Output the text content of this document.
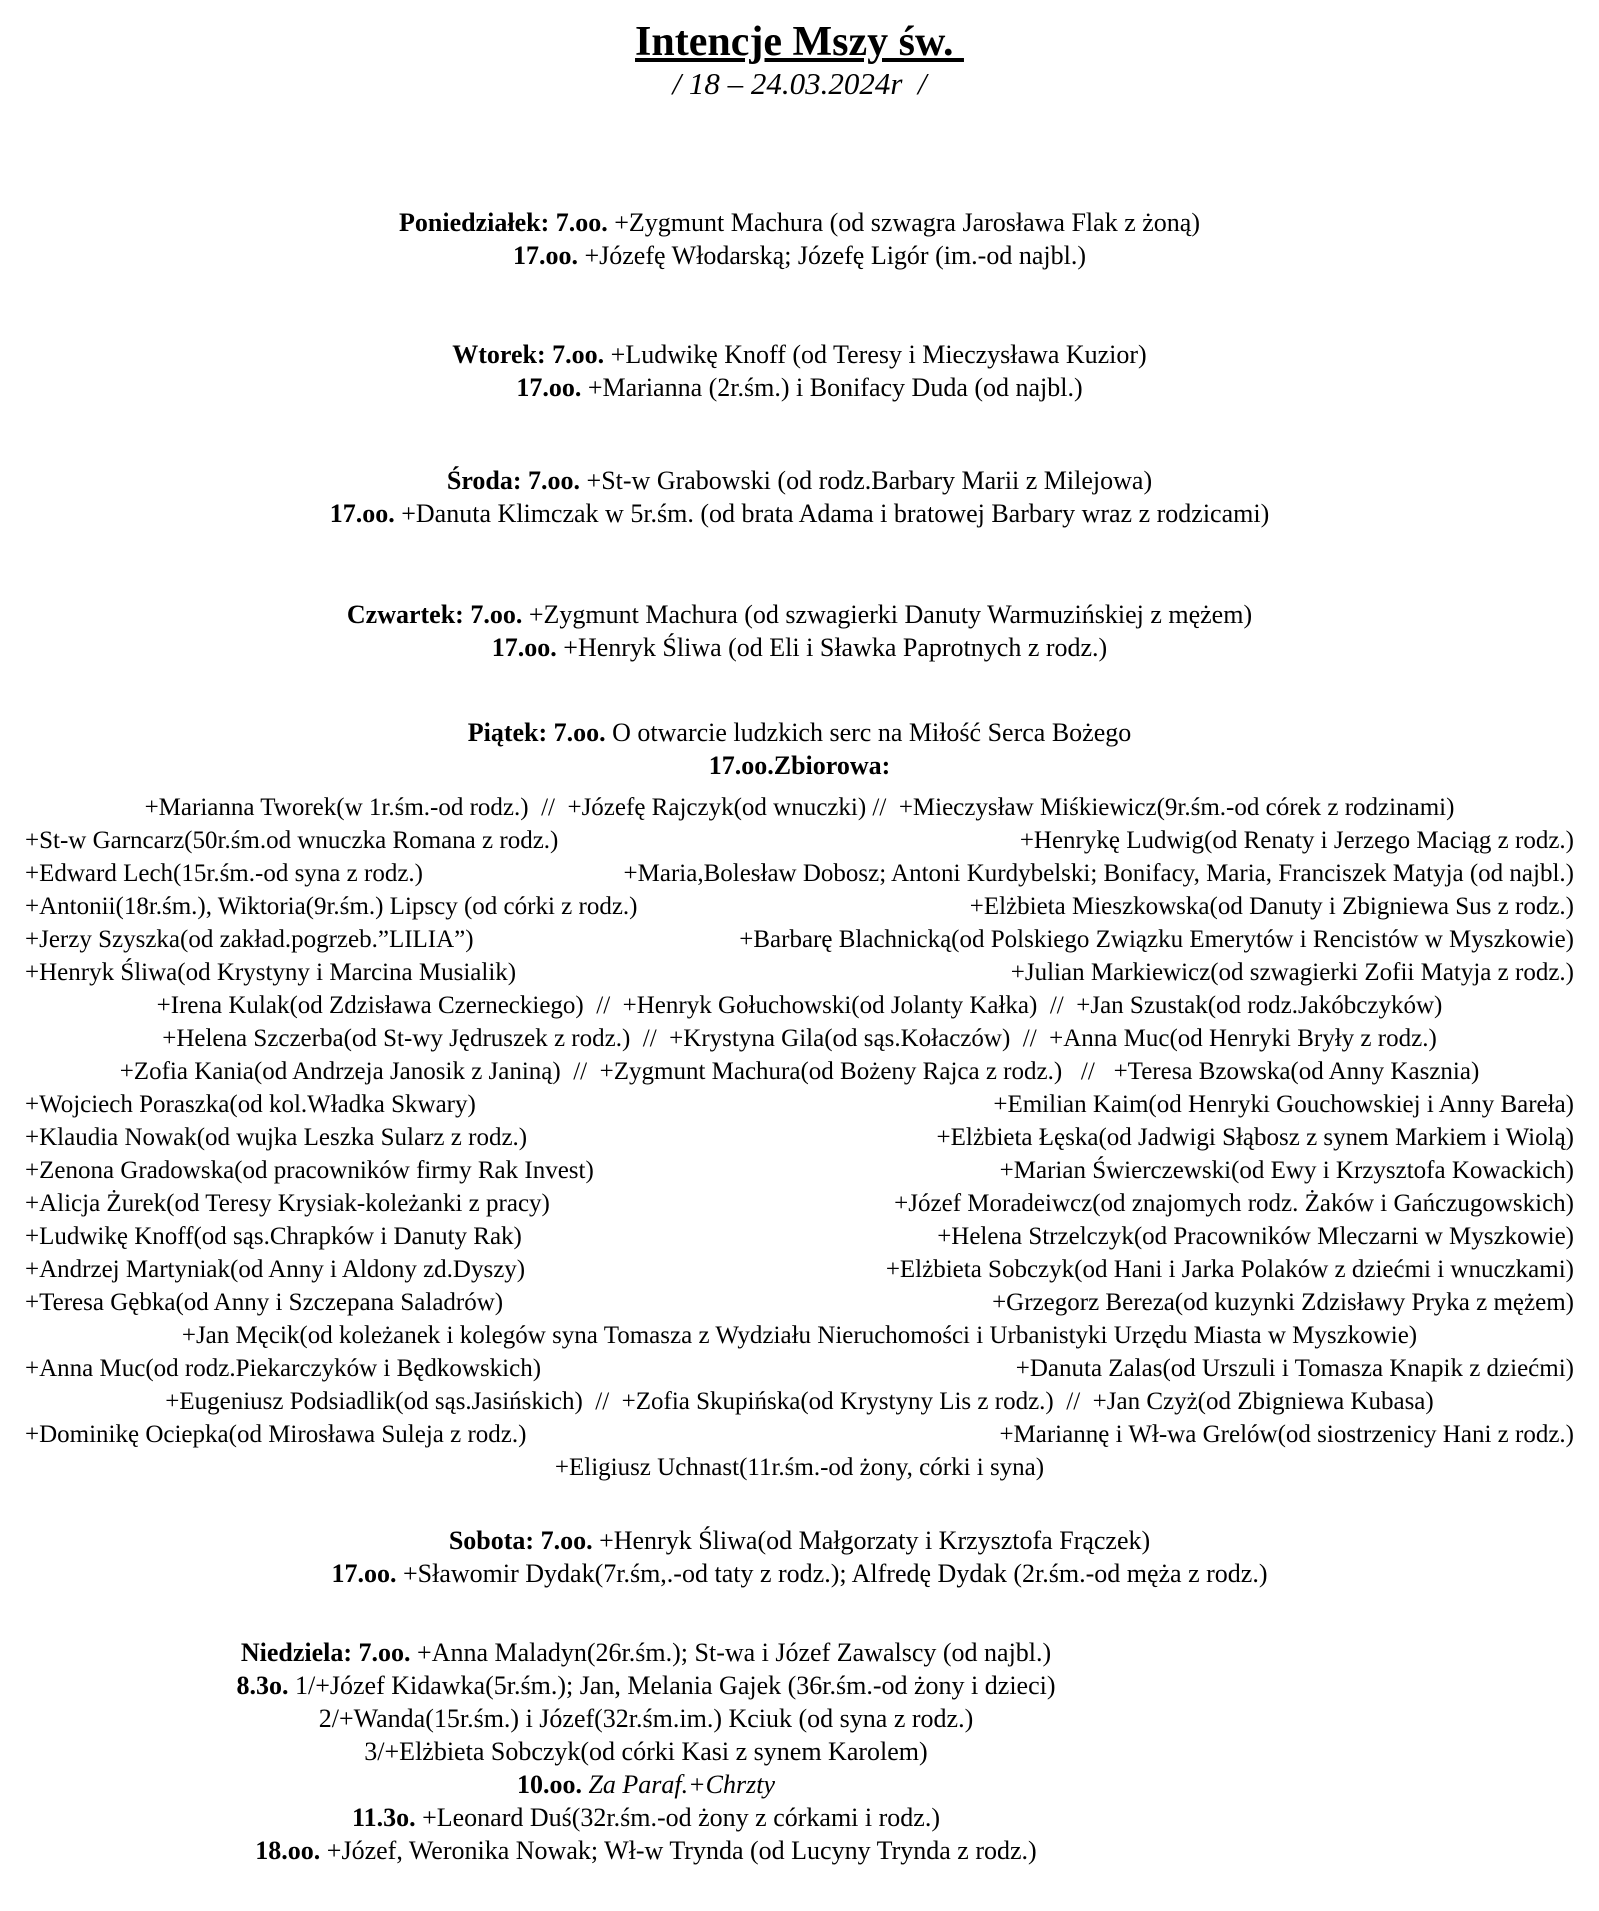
Intencje Mszy św.
/ 18 – 24.03.2024r  /
Poniedziałek: 7.oo. +Zygmunt Machura (od szwagra Jarosława Flak z żoną)
17.oo. +Józefę Włodarską; Józefę Ligór (im.-od najbl.)
Wtorek: 7.oo. +Ludwikę Knoff (od Teresy i Mieczysława Kuzior)
17.oo. +Marianna (2r.śm.) i Bonifacy Duda (od najbl.)
Środa: 7.oo. +St-w Grabowski (od rodz.Barbary Marii z Milejowa)
17.oo. +Danuta Klimczak w 5r.śm. (od brata Adama i bratowej Barbary wraz z rodzicami)
Czwartek: 7.oo. +Zygmunt Machura (od szwagierki Danuty Warmuzińskiej z mężem)
17.oo. +Henryk Śliwa (od Eli i Sławka Paprotnych z rodz.)
Piątek: 7.oo. O otwarcie ludzkich serc na Miłość Serca Bożego
17.oo.Zbiorowa:
+Marianna Tworek(w 1r.śm.-od rodz.)  //  +Józefę Rajczyk(od wnuczki) //  +Mieczysław Miśkiewicz(9r.śm.-od córek z rodzinami)
+St-w Garncarz(50r.śm.od wnuczka Romana z rodz.)	+Henrykę Ludwig(od Renaty i Jerzego Maciąg z rodz.)
+Edward Lech(15r.śm.-od syna z rodz.)	+Maria,Bolesław Dobosz; Antoni Kurdybelski; Bonifacy, Maria, Franciszek Matyja (od najbl.)
+Antonii(18r.śm.), Wiktoria(9r.śm.) Lipscy (od córki z rodz.)	+Elżbieta Mieszkowska(od Danuty i Zbigniewa Sus z rodz.)
+Jerzy Szyszka(od zakład.pogrzeb.”LILIA”)	+Barbarę Blachnicką(od Polskiego Związku Emerytów i Rencistów w Myszkowie)
+Henryk Śliwa(od Krystyny i Marcina Musialik)	+Julian Markiewicz(od szwagierki Zofii Matyja z rodz.)
+Irena Kulak(od Zdzisława Czerneckiego)  //  +Henryk Gołuchowski(od Jolanty Kałka)  //  +Jan Szustak(od rodz.Jakóbczyków)
+Helena Szczerba(od St-wy Jędruszek z rodz.)  //  +Krystyna Gila(od sąs.Kołaczów)  //  +Anna Muc(od Henryki Bryły z rodz.)
+Zofia Kania(od Andrzeja Janosik z Janiną)  //  +Zygmunt Machura(od Bożeny Rajca z rodz.)   //   +Teresa Bzowska(od Anny Kasznia)
+Wojciech Poraszka(od kol.Władka Skwary)	+Emilian Kaim(od Henryki Gouchowskiej i Anny Bareła)
+Klaudia Nowak(od wujka Leszka Sularz z rodz.)	+Elżbieta Łęska(od Jadwigi Słąbosz z synem Markiem i Wiolą)
+Zenona Gradowska(od pracowników firmy Rak Invest)	+Marian Świerczewski(od Ewy i Krzysztofa Kowackich)
+Alicja Żurek(od Teresy Krysiak-koleżanki z pracy)	+Józef Moradeiwcz(od znajomych rodz. Żaków i Gańczugowskich)
+Ludwikę Knoff(od sąs.Chrapków i Danuty Rak)	+Helena Strzelczyk(od Pracowników Mleczarni w Myszkowie)
+Andrzej Martyniak(od Anny i Aldony zd.Dyszy)	+Elżbieta Sobczyk(od Hani i Jarka Polaków z dziećmi i wnuczkami)
+Teresa Gębka(od Anny i Szczepana Saladrów)	+Grzegorz Bereza(od kuzynki Zdzisławy Pryka z mężem)
+Jan Męcik(od koleżanek i kolegów syna Tomasza z Wydziału Nieruchomości i Urbanistyki Urzędu Miasta w Myszkowie)
+Anna Muc(od rodz.Piekarczyków i Będkowskich)	+Danuta Zalas(od Urszuli i Tomasza Knapik z dziećmi)
+Eugeniusz Podsiadlik(od sąs.Jasińskich)  //  +Zofia Skupińska(od Krystyny Lis z rodz.)  //  +Jan Czyż(od Zbigniewa Kubasa)
+Dominikę Ociepka(od Mirosława Suleja z rodz.)	+Mariannę i Wł-wa Grelów(od siostrzenicy Hani z rodz.)
+Eligiusz Uchnast(11r.śm.-od żony, córki i syna)
Sobota: 7.oo. +Henryk Śliwa(od Małgorzaty i Krzysztofa Frączek)
17.oo. +Sławomir Dydak(7r.śm,.-od taty z rodz.); Alfredę Dydak (2r.śm.-od męża z rodz.)
Niedziela: 7.oo. +Anna Maladyn(26r.śm.); St-wa i Józef Zawalscy (od najbl.)
8.3o. 1/+Józef Kidawka(5r.śm.); Jan, Melania Gajek (36r.śm.-od żony i dzieci)
2/+Wanda(15r.śm.) i Józef(32r.śm.im.) Kciuk (od syna z rodz.)
3/+Elżbieta Sobczyk(od córki Kasi z synem Karolem)
10.oo. Za Paraf.+Chrzty
11.3o. +Leonard Duś(32r.śm.-od żony z córkami i rodz.)
18.oo. +Józef, Weronika Nowak; Wł-w Trynda (od Lucyny Trynda z rodz.)
